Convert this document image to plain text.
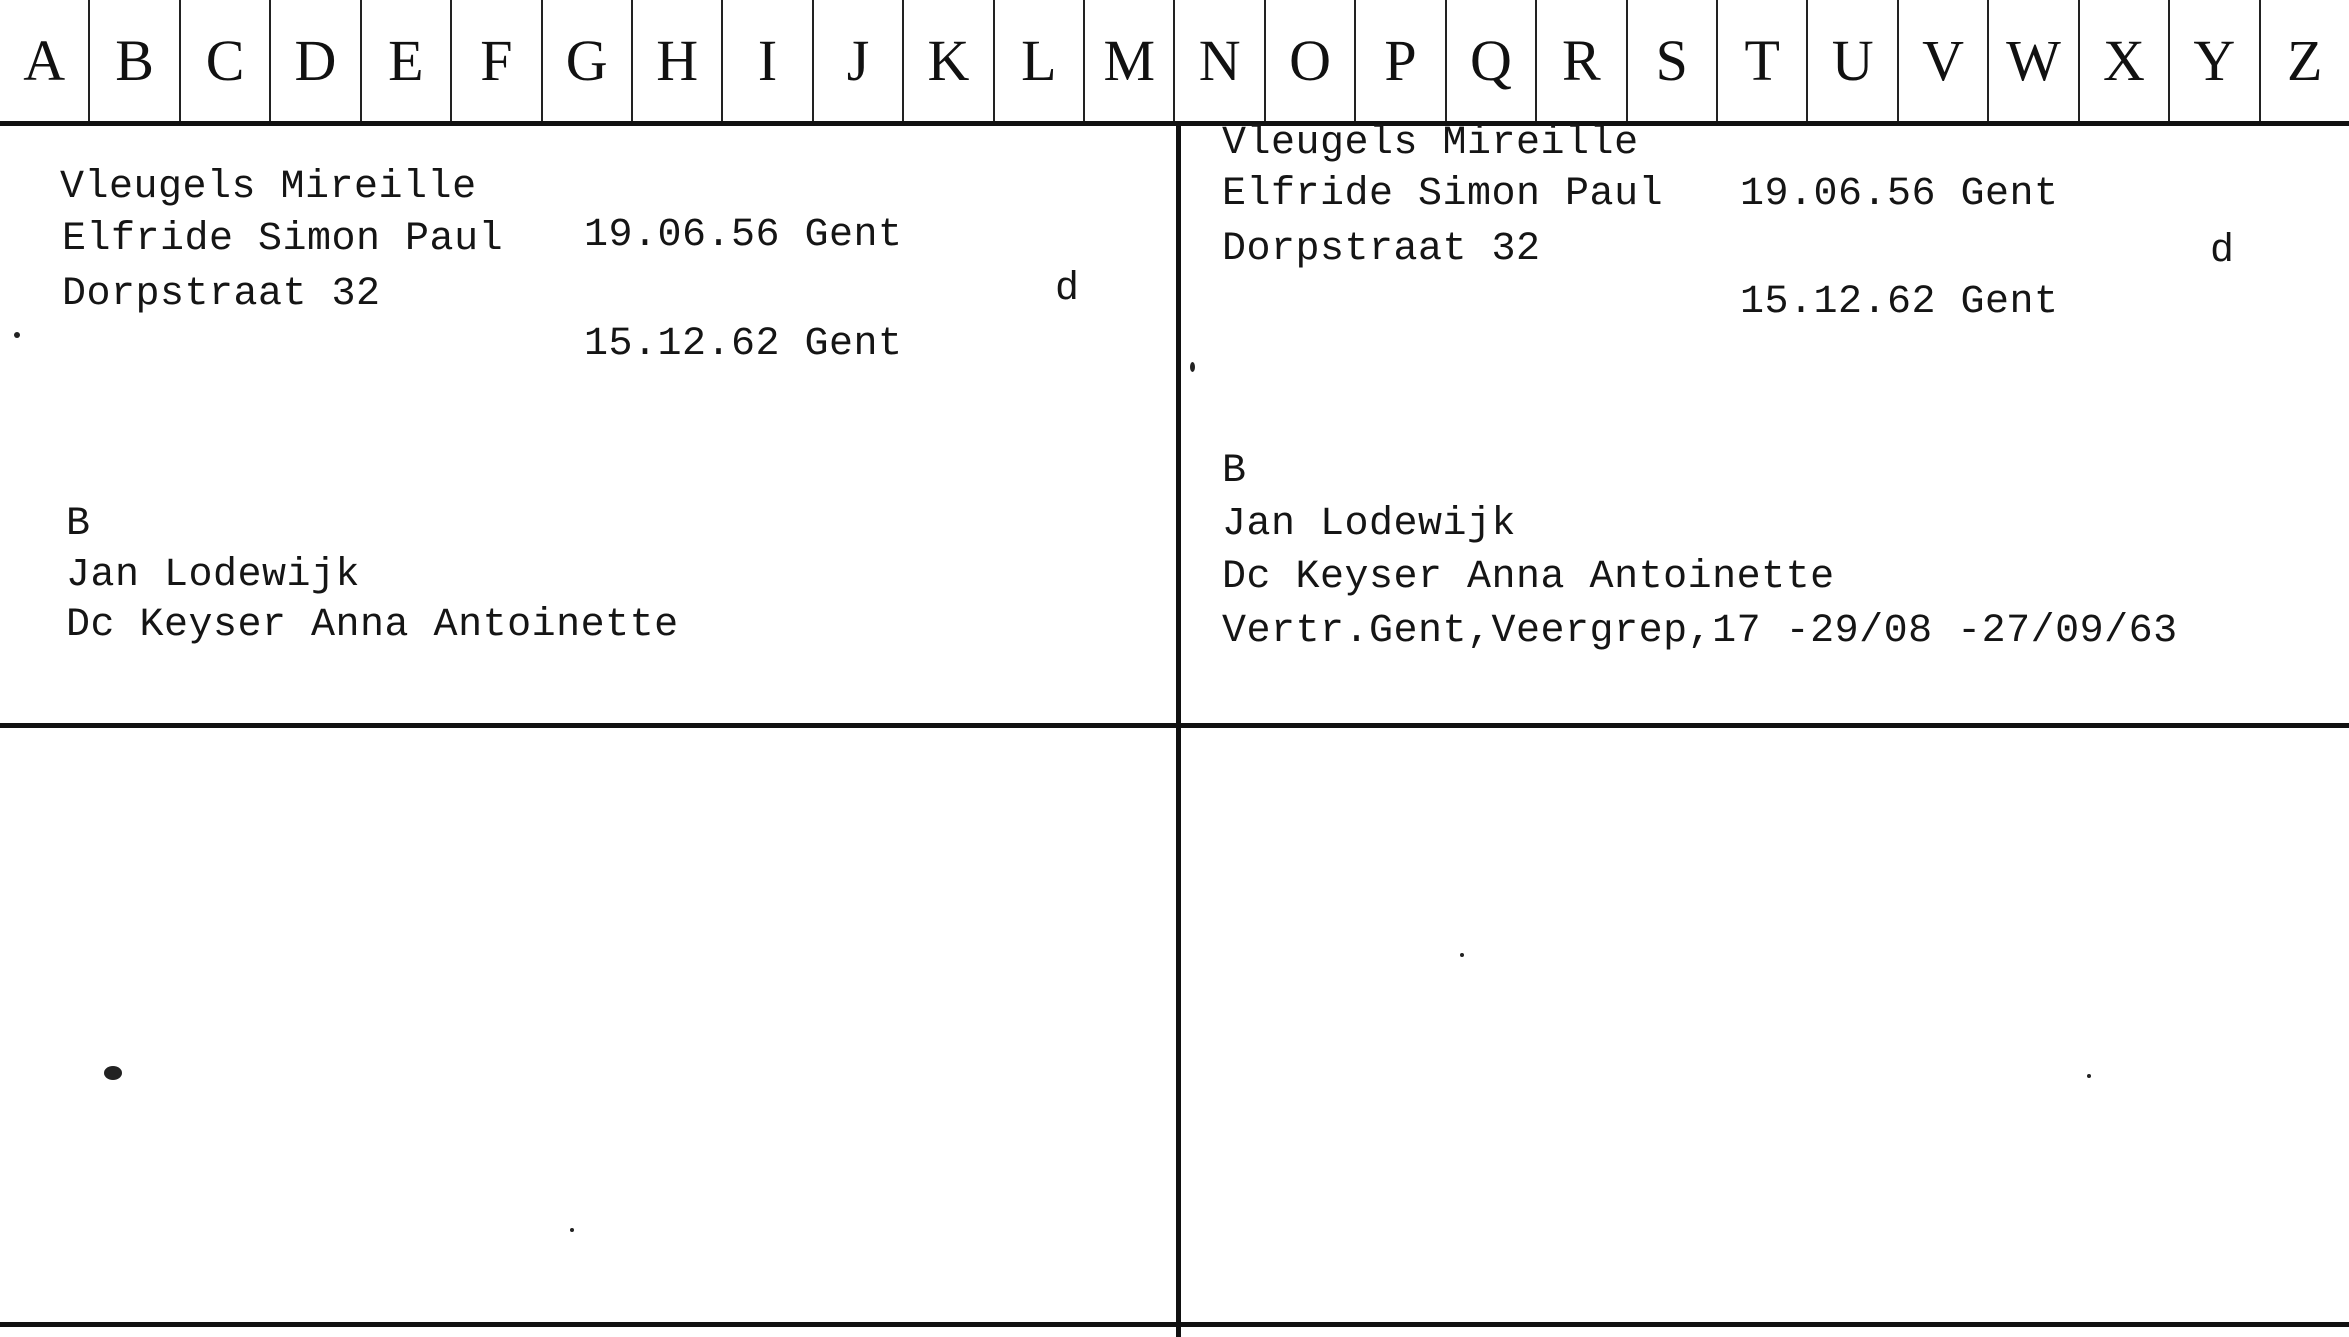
A B C D E F G H	I	J	K L M N O P Q R S T U V W X Y Z
Vleugels Mireille
Elfride Simon Paul 19.06.56 Gent
Dorpstraat 32	d
15.12.62 Gent
B
Jan Lodewijk
Dc Keyser Anna Antoinette
Vleugels Mireille
Elfride Simon Paul 19.06.56 Gent
Dorpstraat 32	d
15.12.62 Gent
B
Jan Lodewijk
Dc Keyser Anna Antoinette
Vertr.Gent,Veergrep,17 -29/08 -27/09/63
